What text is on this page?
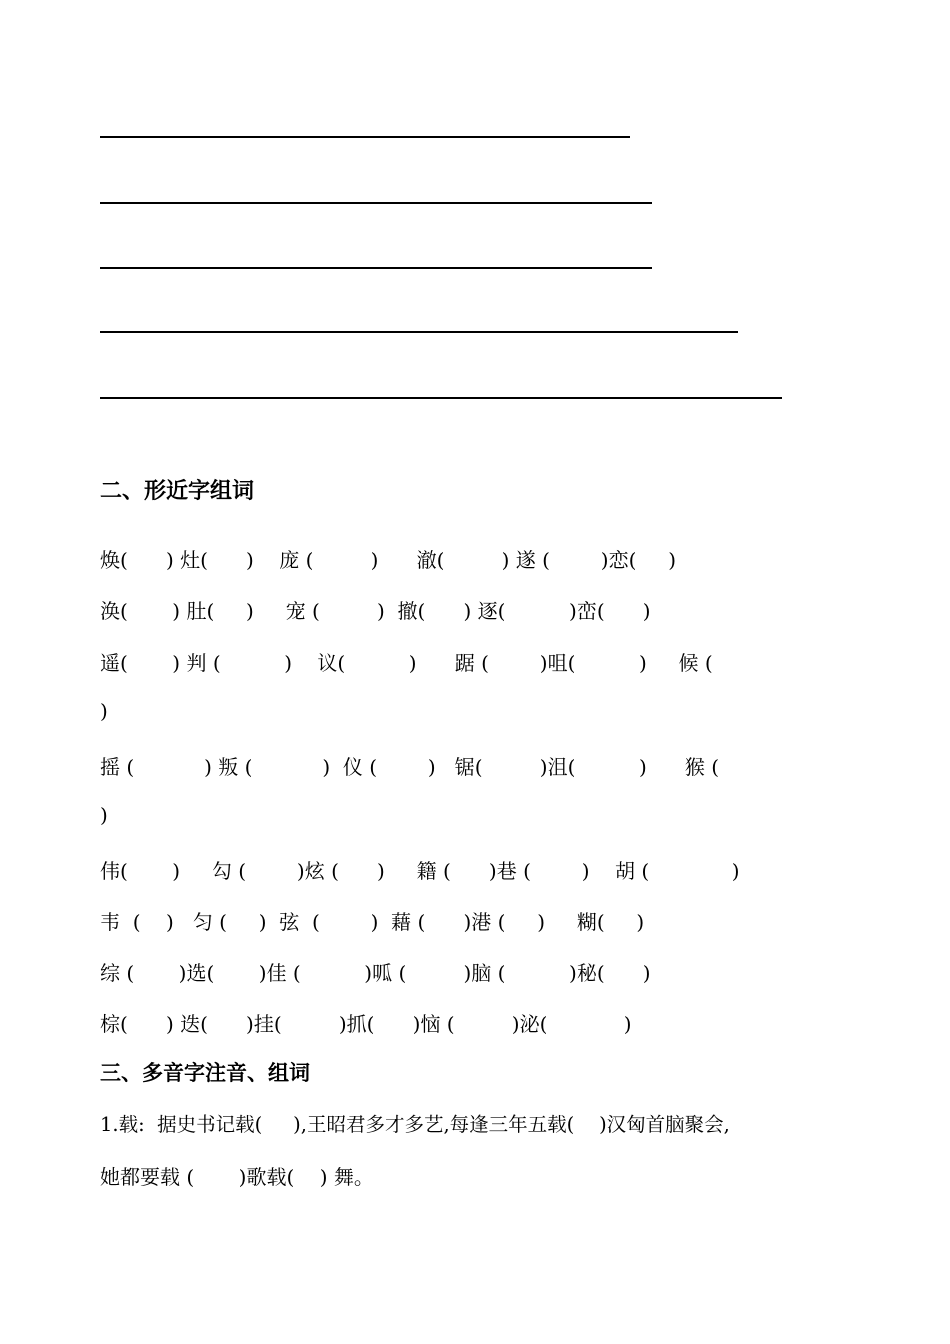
二、形近字组词
焕(      ) 灶(      )    庞 (         )      澈(         ) 遂 (        )恋(     )
涣(       ) 肚(     )     宠 (         )  撤(      ) 逐(          )峦(      )
遥(       ) 判 (          )    议(          )      踞 (        )咀(          )     候 (
)
摇 (           ) 叛 (           )  仪 (        )   锯(         )沮(          )      猴 (
)
伟(       )     勾 (        )炫 (      )     籍 (      )巷 (        )    胡 (             )
韦  (    )   匀 (     )  弦  (        )  藉 (      )港 (     )     糊(     )
综 (       )选(       )佳 (          )呱 (         )脑 (          )秘(      )
棕(      ) 迭(      )挂(         )抓(      )恼 (         )泌(            )
三、多音字注音、组词
1.载:  据史书记载(     ),王昭君多才多艺,每逢三年五载(    )汉匈首脑聚会,
她都要载 (       )歌载(    ) 舞。
